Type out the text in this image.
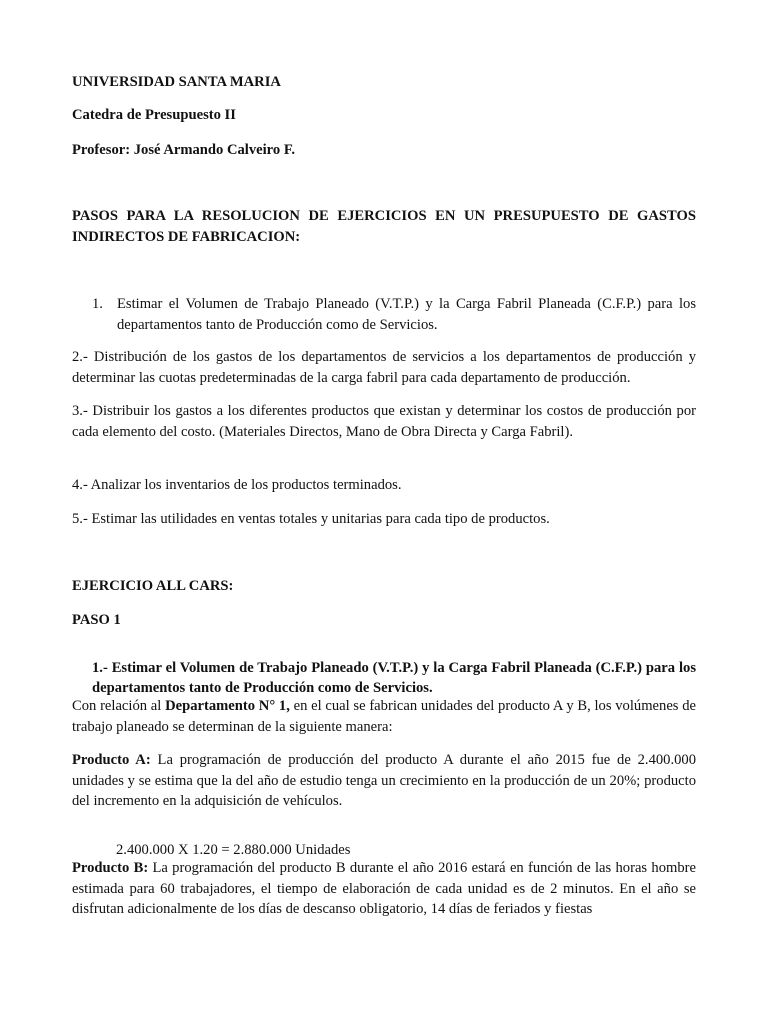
UNIVERSIDAD SANTA MARIA

Catedra de Presupuesto II

Profesor: José Armando Calveiro F.

PASOS PARA LA RESOLUCION DE EJERCICIOS EN UN PRESUPUESTO DE GASTOS INDIRECTOS DE FABRICACION:

1. Estimar el Volumen de Trabajo Planeado (V.T.P.) y la Carga Fabril Planeada (C.F.P.) para los departamentos tanto de Producción como de Servicios.

2.- Distribución de los gastos de los departamentos de servicios a los departamentos de producción y determinar las cuotas predeterminadas de la carga fabril para cada departamento de producción.

3.- Distribuir los gastos a los diferentes productos que existan y determinar los costos de producción por cada elemento del costo. (Materiales Directos, Mano de Obra Directa y Carga Fabril).

4.- Analizar los inventarios de los productos terminados.

5.- Estimar las utilidades en ventas totales y unitarias para cada tipo de productos.

EJERCICIO ALL CARS:

PASO 1

1.- Estimar el Volumen de Trabajo Planeado (V.T.P.) y la Carga Fabril Planeada (C.F.P.) para los departamentos tanto de Producción como de Servicios.

Con relación al Departamento N° 1, en el cual se fabrican unidades del producto A y B, los volúmenes de trabajo planeado se determinan de la siguiente manera:

Producto A: La programación de producción del producto A durante el año 2015 fue de 2.400.000 unidades y se estima que la del año de estudio tenga un crecimiento en la producción de un 20%; producto del incremento en la adquisición de vehículos.

2.400.000 X 1.20 = 2.880.000 Unidades

Producto B: La programación del producto B durante el año 2016 estará en función de las horas hombre estimada para 60 trabajadores, el tiempo de elaboración de cada unidad es de 2 minutos. En el año se disfrutan adicionalmente de los días de descanso obligatorio, 14 días de feriados y fiestas
